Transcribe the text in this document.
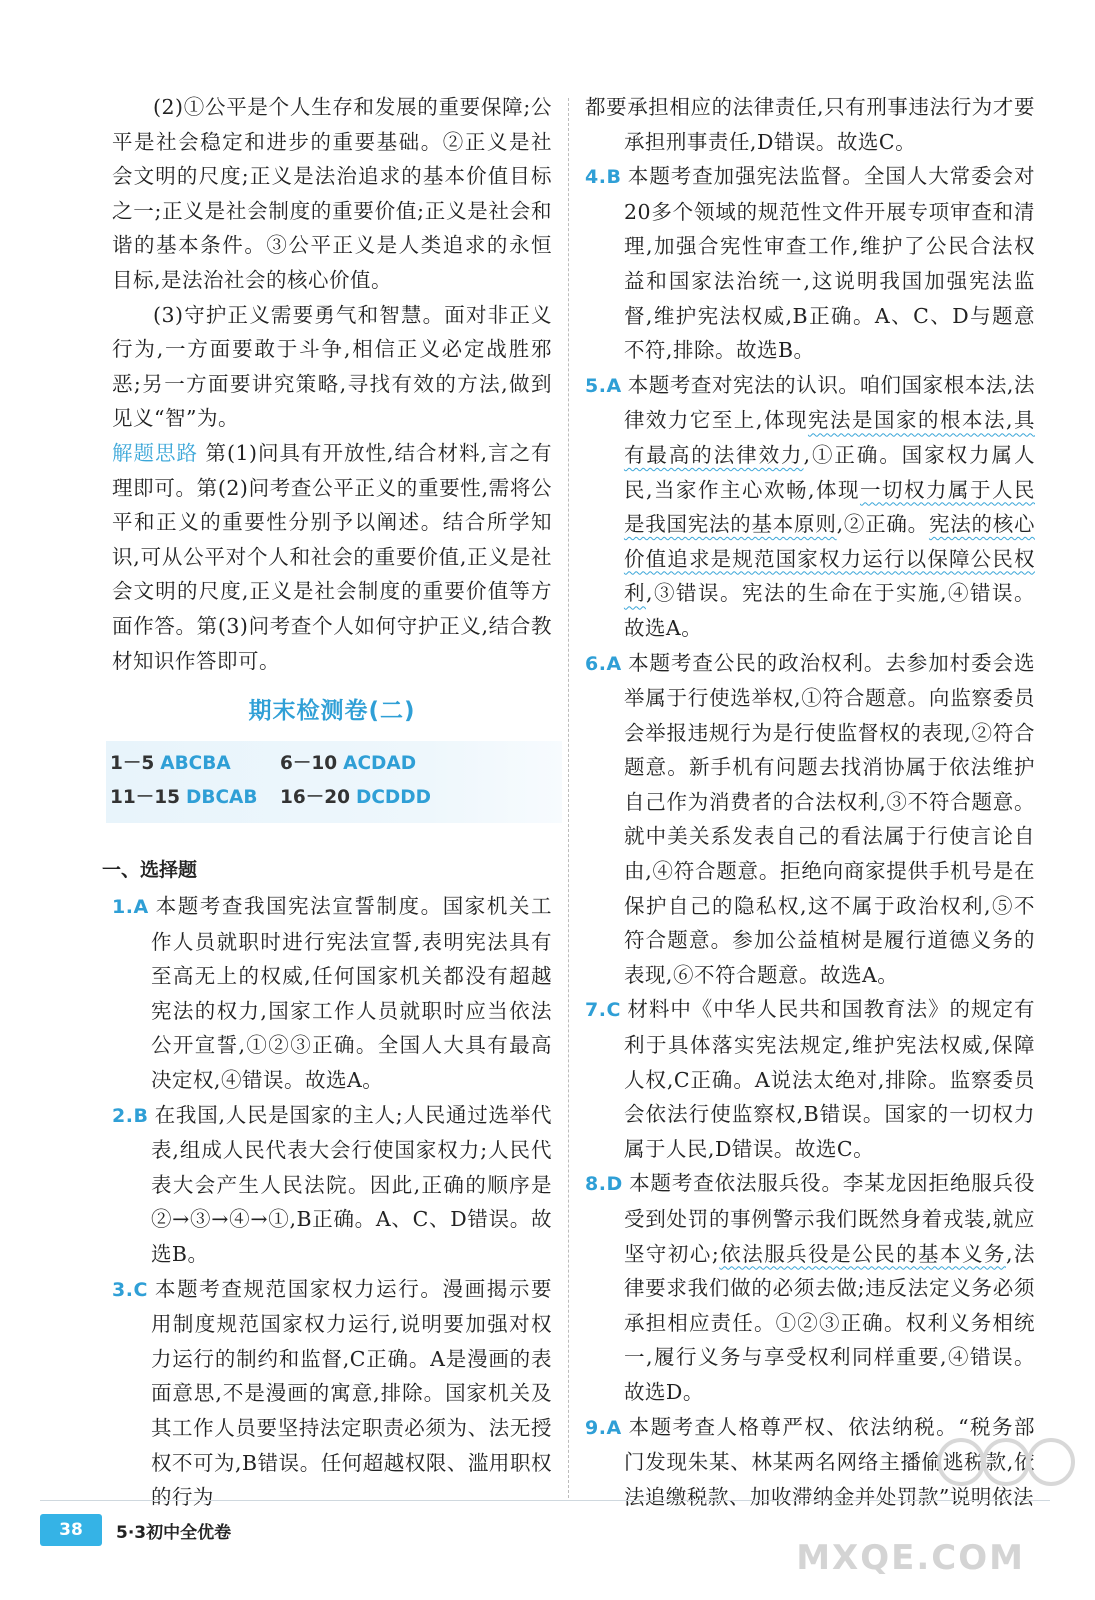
(2)①公平是个人生存和发展的重要保障;公平是社会稳定和进步的重要基础。②正义是社会文明的尺度;正义是法治追求的基本价值目标之一;正义是社会制度的重要价值;正义是社会和谐的基本条件。③公平正义是人类追求的永恒目标,是法治社会的核心价值。

(3)守护正义需要勇气和智慧。面对非正义行为,一方面要敢于斗争,相信正义必定战胜邪恶;另一方面要讲究策略,寻找有效的方法,做到见义“智”为。

解题思路 第(1)问具有开放性,结合材料,言之有理即可。第(2)问考查公平正义的重要性,需将公平和正义的重要性分别予以阐述。结合所学知识,可从公平对个人和社会的重要价值,正义是社会文明的尺度,正义是社会制度的重要价值等方面作答。第(3)问考查个人如何守护正义,结合教材知识作答即可。

期末检测卷(二)
1－5 ABCBA	6－10 ACDAD
11－15 DBCAB	16－20 DCDDD
一、选择题

1.A 本题考查我国宪法宣誓制度。国家机关工作人员就职时进行宪法宣誓,表明宪法具有至高无上的权威,任何国家机关都没有超越宪法的权力,国家工作人员就职时应当依法公开宣誓,①②③正确。全国人大具有最高决定权,④错误。故选A。

2.B 在我国,人民是国家的主人;人民通过选举代表,组成人民代表大会行使国家权力;人民代表大会产生人民法院。因此,正确的顺序是②→③→④→①,B正确。A、C、D错误。故选B。

3.C 本题考查规范国家权力运行。漫画揭示要用制度规范国家权力运行,说明要加强对权力运行的制约和监督,C正确。A是漫画的表面意思,不是漫画的寓意,排除。国家机关及其工作人员要坚持法定职责必须为、法无授权不可为,B错误。任何超越权限、滥用职权的行为

都要承担相应的法律责任,只有刑事违法行为才要承担刑事责任,D错误。故选C。

4.B 本题考查加强宪法监督。全国人大常委会对20多个领域的规范性文件开展专项审查和清理,加强合宪性审查工作,维护了公民合法权益和国家法治统一,这说明我国加强宪法监督,维护宪法权威,B正确。A、C、D与题意不符,排除。故选B。

5.A 本题考查对宪法的认识。咱们国家根本法,法律效力它至上,体现宪法是国家的根本法,具有最高的法律效力,①正确。国家权力属人民,当家作主心欢畅,体现一切权力属于人民是我国宪法的基本原则,②正确。宪法的核心价值追求是规范国家权力运行以保障公民权利,③错误。宪法的生命在于实施,④错误。故选A。

6.A 本题考查公民的政治权利。去参加村委会选举属于行使选举权,①符合题意。向监察委员会举报违规行为是行使监督权的表现,②符合题意。新手机有问题去找消协属于依法维护自己作为消费者的合法权利,③不符合题意。就中美关系发表自己的看法属于行使言论自由,④符合题意。拒绝向商家提供手机号是在保护自己的隐私权,这不属于政治权利,⑤不符合题意。参加公益植树是履行道德义务的表现,⑥不符合题意。故选A。

7.C 材料中《中华人民共和国教育法》的规定有利于具体落实宪法规定,维护宪法权威,保障人权,C正确。A说法太绝对,排除。监察委员会依法行使监察权,B错误。国家的一切权力属于人民,D错误。故选C。

8.D 本题考查依法服兵役。李某龙因拒绝服兵役受到处罚的事例警示我们既然身着戎装,就应坚守初心;依法服兵役是公民的基本义务,法律要求我们做的必须去做;违反法定义务必须承担相应责任。①②③正确。权利义务相统一,履行义务与享受权利同样重要,④错误。故选D。

9.A 本题考查人格尊严权、依法纳税。“税务部门发现朱某、林某两名网络主播偷逃税款,依法追缴税款、加收滞纳金并处罚款”说明依法

38	5·3初中全优卷
MXQE.COM
